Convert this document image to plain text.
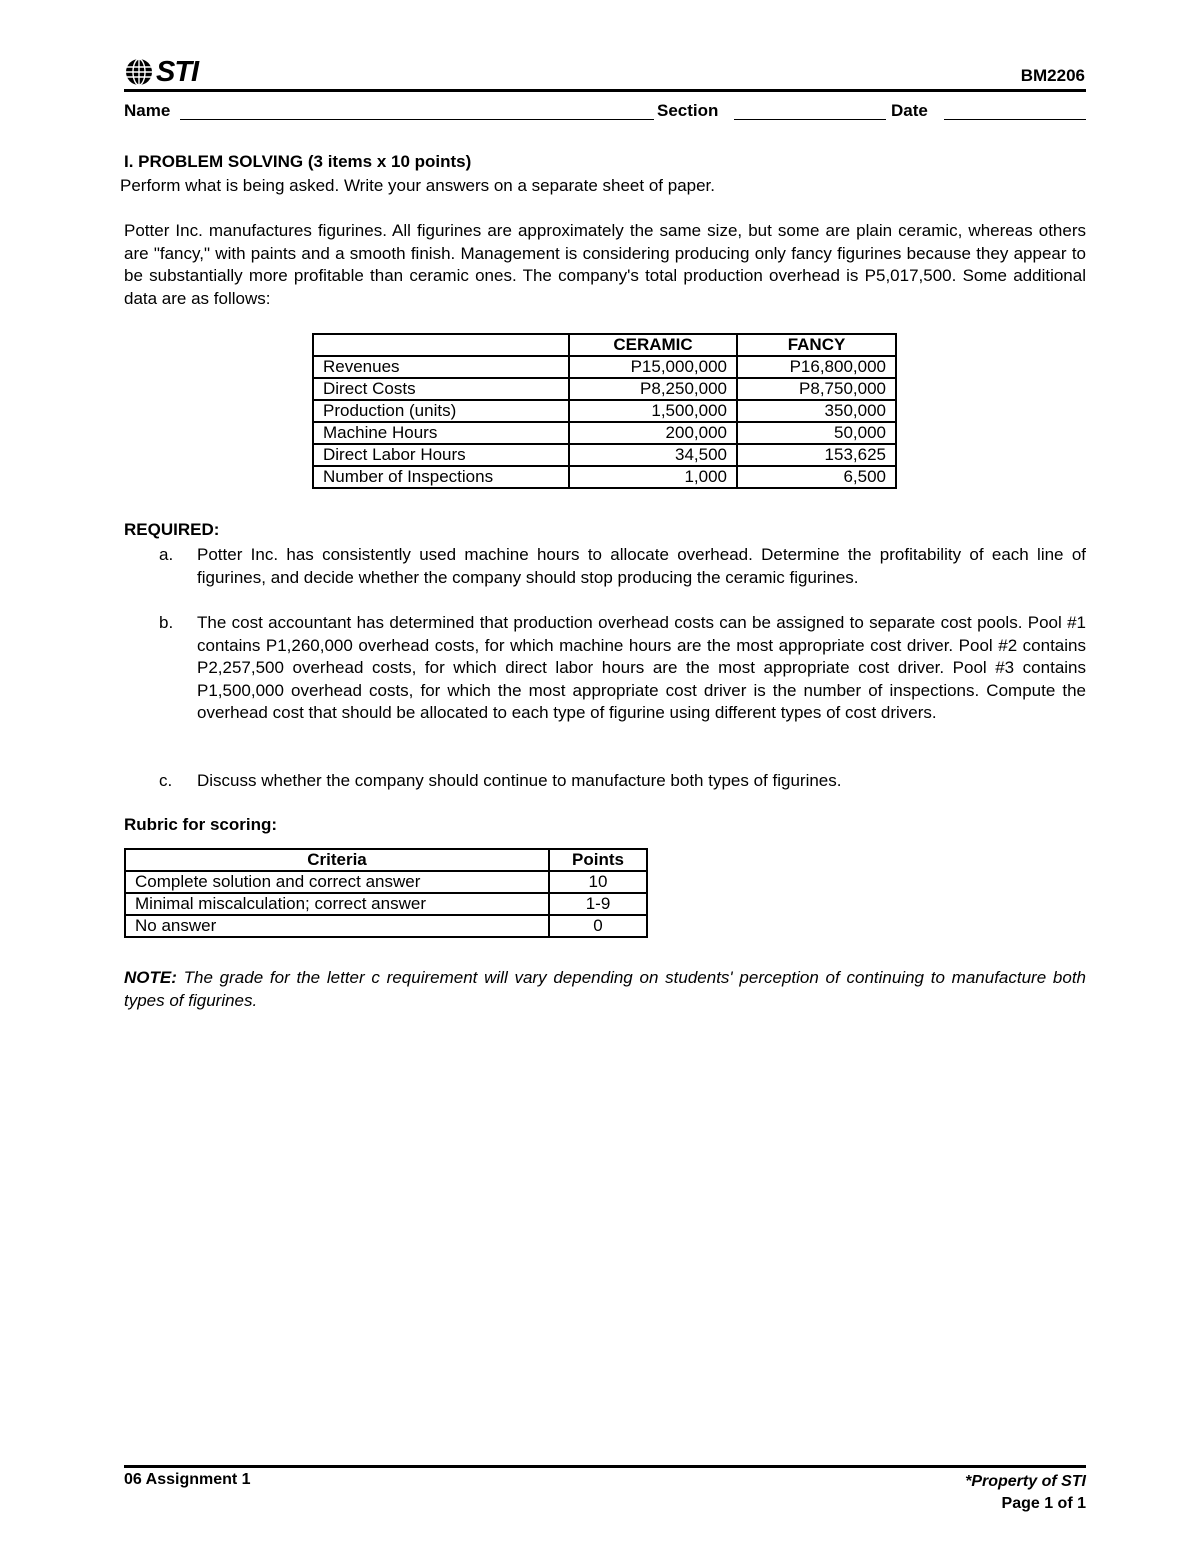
STI	BM2206
Name	Section	Date
I. PROBLEM SOLVING (3 items x 10 points)
Perform what is being asked. Write your answers on a separate sheet of paper.
Potter Inc. manufactures figurines. All figurines are approximately the same size, but some are plain ceramic, whereas others are "fancy," with paints and a smooth finish. Management is considering producing only fancy figurines because they appear to be substantially more profitable than ceramic ones. The company's total production overhead is P5,017,500. Some additional data are as follows:
	CERAMIC	FANCY
Revenues	P15,000,000	P16,800,000
Direct Costs	P8,250,000	P8,750,000
Production (units)	1,500,000	350,000
Machine Hours	200,000	50,000
Direct Labor Hours	34,500	153,625
Number of Inspections	1,000	6,500
REQUIRED:
a. Potter Inc. has consistently used machine hours to allocate overhead. Determine the profitability of each line of figurines, and decide whether the company should stop producing the ceramic figurines.
b. The cost accountant has determined that production overhead costs can be assigned to separate cost pools. Pool #1 contains P1,260,000 overhead costs, for which machine hours are the most appropriate cost driver. Pool #2 contains P2,257,500 overhead costs, for which direct labor hours are the most appropriate cost driver. Pool #3 contains P1,500,000 overhead costs, for which the most appropriate cost driver is the number of inspections. Compute the overhead cost that should be allocated to each type of figurine using different types of cost drivers.
c. Discuss whether the company should continue to manufacture both types of figurines.
Rubric for scoring:
Criteria	Points
Complete solution and correct answer	10
Minimal miscalculation; correct answer	1-9
No answer	0
NOTE: The grade for the letter c requirement will vary depending on students' perception of continuing to manufacture both types of figurines.
06 Assignment 1	*Property of STI
Page 1 of 1
